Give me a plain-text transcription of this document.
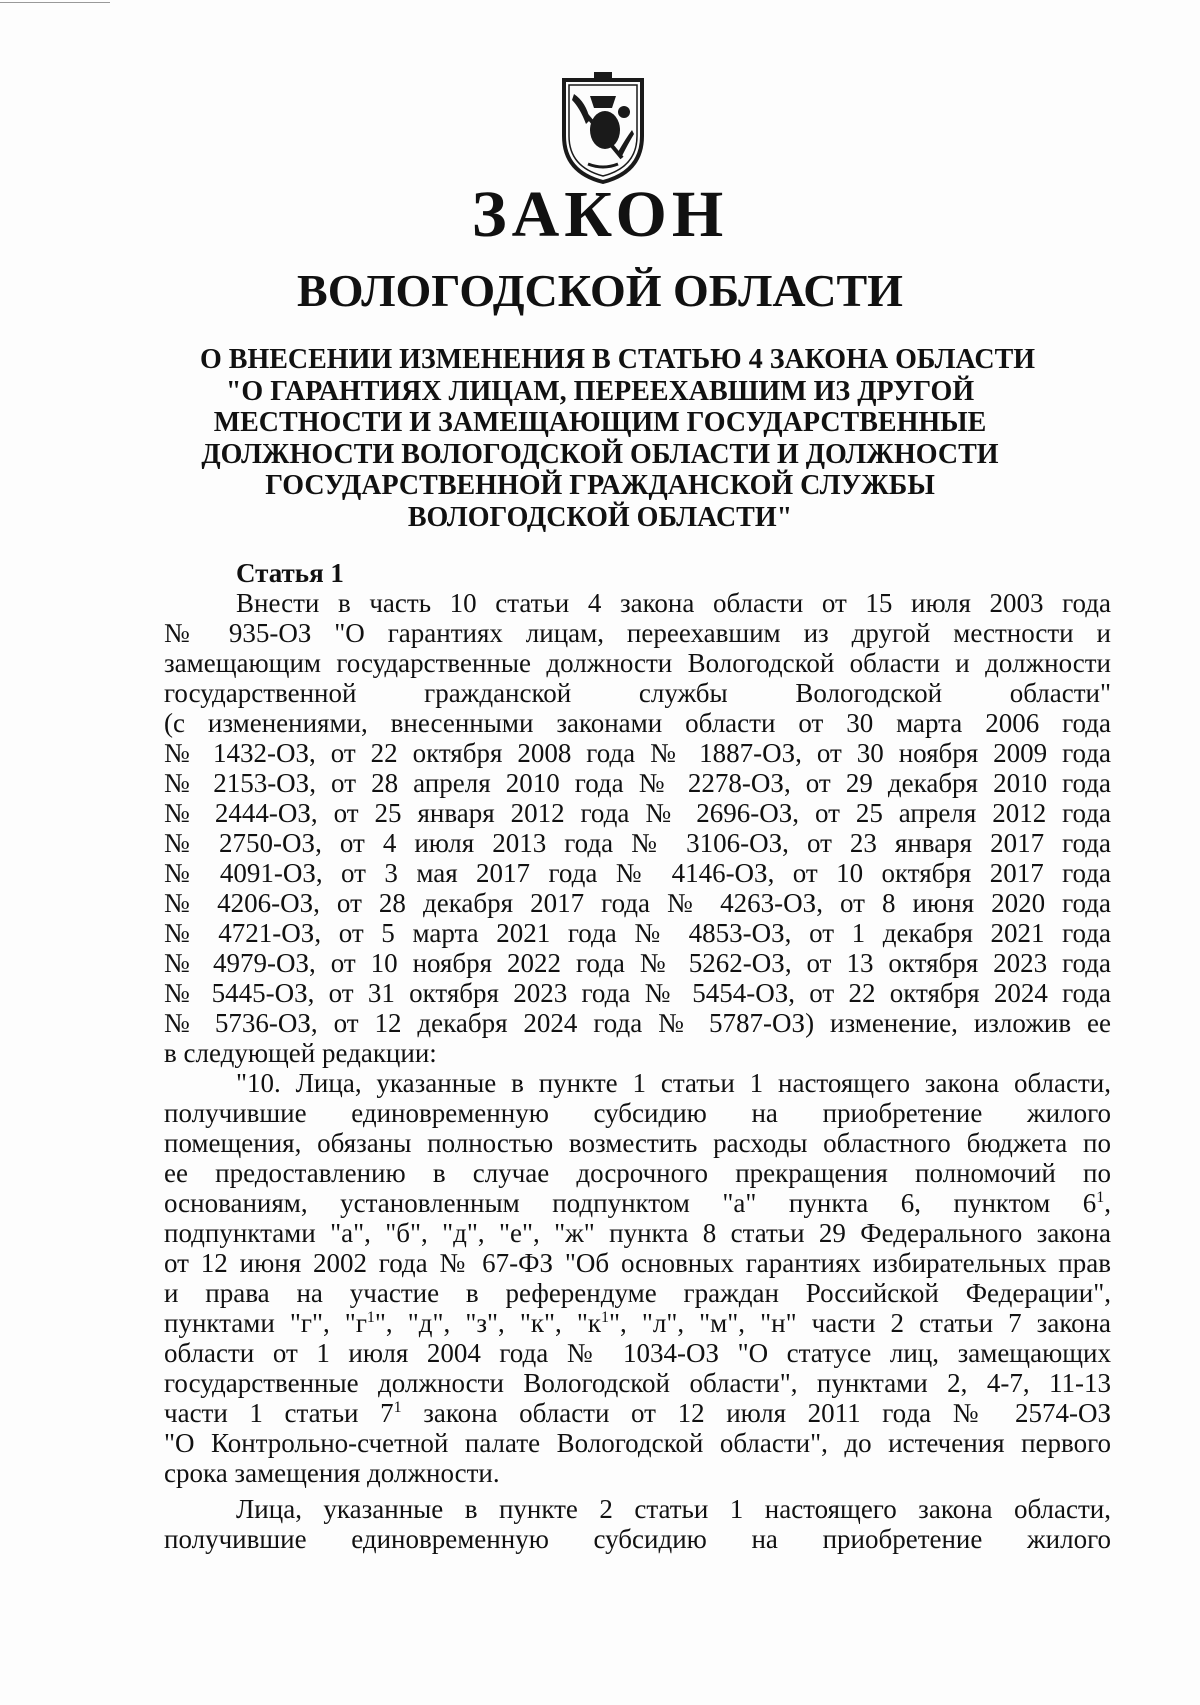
ЗАКОН
ВОЛОГОДСКОЙ ОБЛАСТИ
О ВНЕСЕНИИ ИЗМЕНЕНИЯ В СТАТЬЮ 4 ЗАКОНА ОБЛАСТИ
"О ГАРАНТИЯХ ЛИЦАМ, ПЕРЕЕХАВШИМ ИЗ ДРУГОЙ
МЕСТНОСТИ И ЗАМЕЩАЮЩИМ ГОСУДАРСТВЕННЫЕ
ДОЛЖНОСТИ ВОЛОГОДСКОЙ ОБЛАСТИ И ДОЛЖНОСТИ
ГОСУДАРСТВЕННОЙ ГРАЖДАНСКОЙ СЛУЖБЫ
ВОЛОГОДСКОЙ ОБЛАСТИ"
Статья 1
Внести в часть 10 статьи 4 закона области от 15 июля 2003 года
№ 935-ОЗ "О гарантиях лицам, переехавшим из другой местности и
замещающим государственные должности Вологодской области и должности
государственной гражданской службы Вологодской области"
(с изменениями, внесенными законами области от 30 марта 2006 года
№ 1432-ОЗ, от 22 октября 2008 года № 1887-ОЗ, от 30 ноября 2009 года
№ 2153-ОЗ, от 28 апреля 2010 года № 2278-ОЗ, от 29 декабря 2010 года
№ 2444-ОЗ, от 25 января 2012 года № 2696-ОЗ, от 25 апреля 2012 года
№ 2750-ОЗ, от 4 июля 2013 года № 3106-ОЗ, от 23 января 2017 года
№ 4091-ОЗ, от 3 мая 2017 года № 4146-ОЗ, от 10 октября 2017 года
№ 4206-ОЗ, от 28 декабря 2017 года № 4263-ОЗ, от 8 июня 2020 года
№ 4721-ОЗ, от 5 марта 2021 года № 4853-ОЗ, от 1 декабря 2021 года
№ 4979-ОЗ, от 10 ноября 2022 года № 5262-ОЗ, от 13 октября 2023 года
№ 5445-ОЗ, от 31 октября 2023 года № 5454-ОЗ, от 22 октября 2024 года
№ 5736-ОЗ, от 12 декабря 2024 года № 5787-ОЗ) изменение, изложив ее
в следующей редакции:
"10. Лица, указанные в пункте 1 статьи 1 настоящего закона области,
получившие единовременную субсидию на приобретение жилого
помещения, обязаны полностью возместить расходы областного бюджета по
ее предоставлению в случае досрочного прекращения полномочий по
основаниям, установленным подпунктом "а" пункта 6, пунктом $6^1$,
подпунктами "а", "б", "д", "е", "ж" пункта 8 статьи 29 Федерального закона
от 12 июня 2002 года № 67-ФЗ "Об основных гарантиях избирательных прав
и права на участие в референдуме граждан Российской Федерации",
пунктами "г", "$г^1$", "д", "з", "к", "$к^1$", "л", "м", "н" части 2 статьи 7 закона
области от 1 июля 2004 года № 1034-ОЗ "О статусе лиц, замещающих
государственные должности Вологодской области", пунктами 2, 4-7, 11-13
части 1 статьи $7^1$ закона области от 12 июля 2011 года № 2574-ОЗ
"О Контрольно-счетной палате Вологодской области", до истечения первого
срока замещения должности.
Лица, указанные в пункте 2 статьи 1 настоящего закона области,
получившие единовременную субсидию на приобретение жилого
